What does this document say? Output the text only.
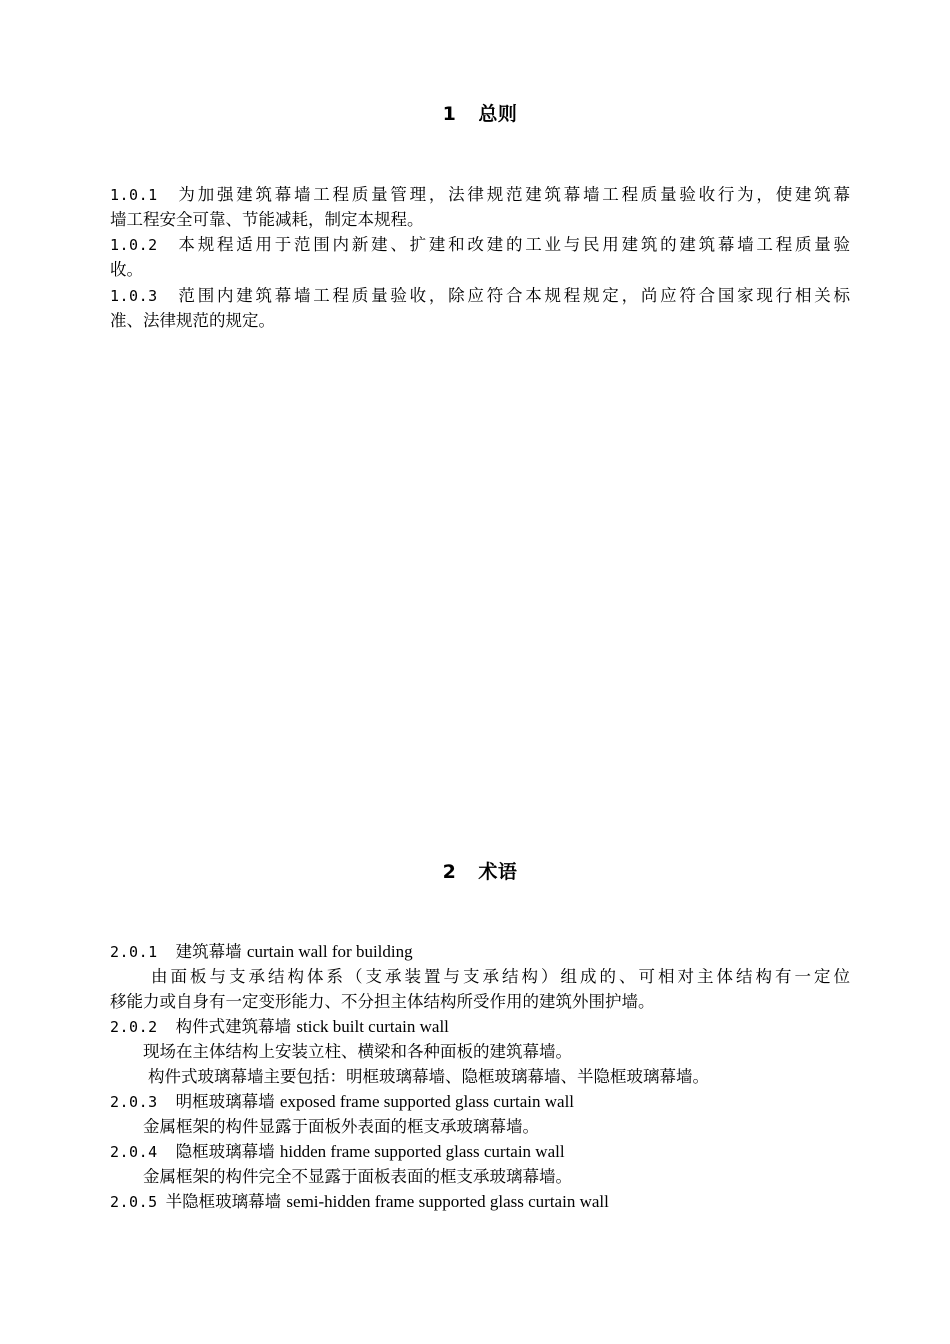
1 总则
1.0.1 为加强建筑幕墙工程质量管理，法律规范建筑幕墙工程质量验收行为，使建筑幕
墙工程安全可靠、节能减耗，制定本规程。
1.0.2 本规程适用于范围内新建、扩建和改建的工业与民用建筑的建筑幕墙工程质量验
收。
1.0.3 范围内建筑幕墙工程质量验收，除应符合本规程规定，尚应符合国家现行相关标
准、法律规范的规定。
2 术语
2.0.1 建筑幕墙 curtain wall for building
由面板与支承结构体系（支承装置与支承结构）组成的、可相对主体结构有一定位
移能力或自身有一定变形能力、不分担主体结构所受作用的建筑外围护墙。
2.0.2 构件式建筑幕墙 stick built curtain wall
现场在主体结构上安装立柱、横梁和各种面板的建筑幕墙。
构件式玻璃幕墙主要包括：明框玻璃幕墙、隐框玻璃幕墙、半隐框玻璃幕墙。
2.0.3 明框玻璃幕墙 exposed frame supported glass curtain wall
金属框架的构件显露于面板外表面的框支承玻璃幕墙。
2.0.4 隐框玻璃幕墙 hidden frame supported glass curtain wall
金属框架的构件完全不显露于面板表面的框支承玻璃幕墙。
2.0.5 半隐框玻璃幕墙 semi-hidden frame supported glass curtain wall
